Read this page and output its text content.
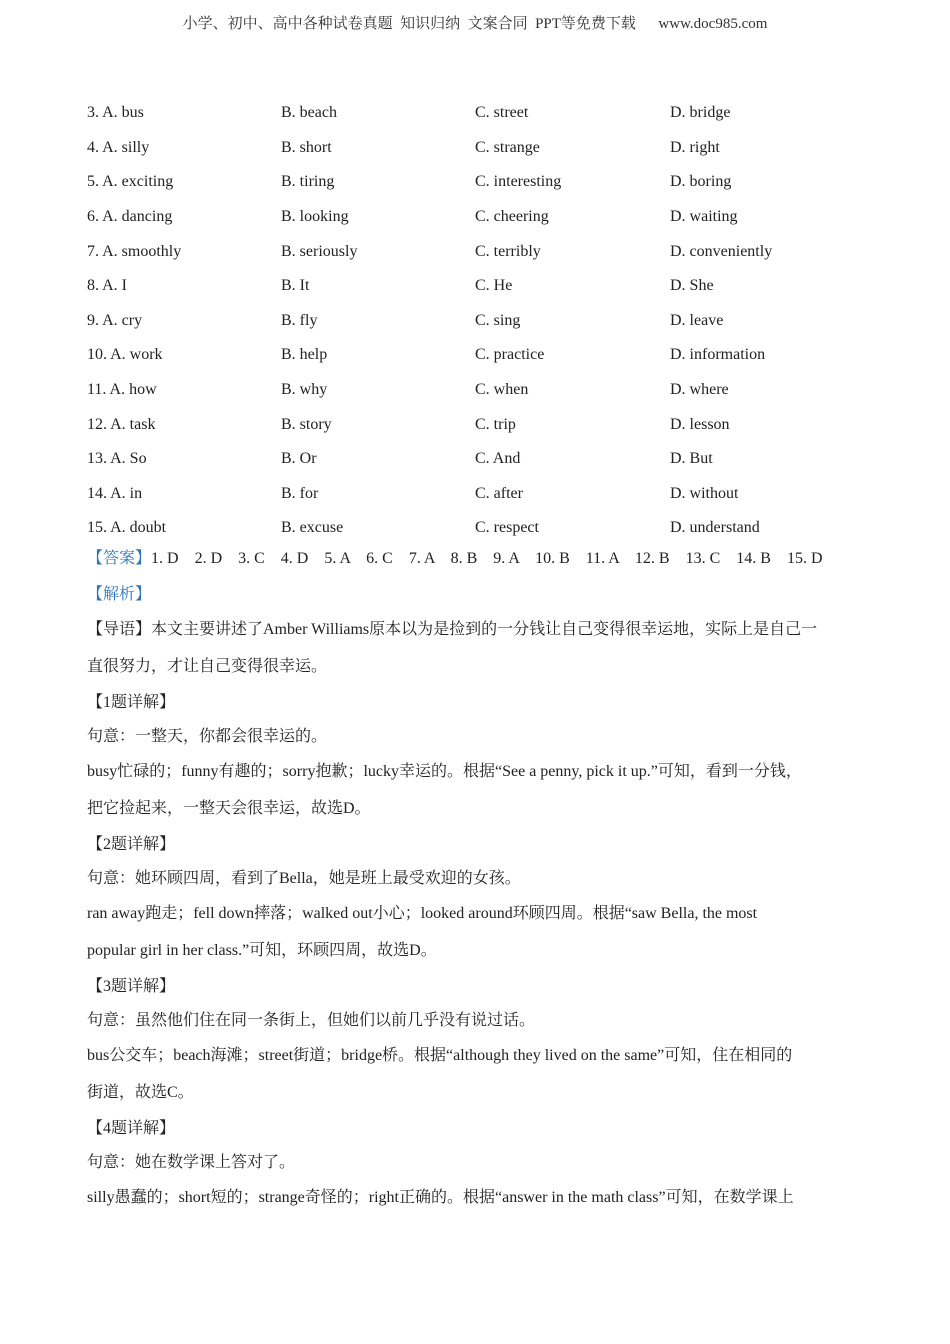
小学、初中、高中各种试卷真题  知识归纳  文案合同  PPT等免费下载      www.doc985.com
3. A. bus	B. beach	C. street	D. bridge
4. A. silly	B. short	C. strange	D. right
5. A. exciting	B. tiring	C. interesting	D. boring
6. A. dancing	B. looking	C. cheering	D. waiting
7. A. smoothly	B. seriously	C. terribly	D. conveniently
8. A. I	B. It	C. He	D. She
9. A. cry	B. fly	C. sing	D. leave
10. A. work	B. help	C. practice	D. information
11. A. how	B. why	C. when	D. where
12. A. task	B. story	C. trip	D. lesson
13. A. So	B. Or	C. And	D. But
14. A. in	B. for	C. after	D. without
15. A. doubt	B. excuse	C. respect	D. understand
【答案】1. D    2. D    3. C    4. D    5. A    6. C    7. A    8. B    9. A    10. B    11. A    12. B    13. C    14. B    15. D
【解析】
【导语】本文主要讲述了Amber Williams原本以为是捡到的一分钱让自己变得很幸运地，实际上是自己一
直很努力，才让自己变得很幸运。
【1题详解】
句意：一整天，你都会很幸运的。
busy忙碌的；funny有趣的；sorry抱歉；lucky幸运的。根据“See a penny, pick it up.”可知，看到一分钱，
把它捡起来，一整天会很幸运，故选D。
【2题详解】
句意：她环顾四周，看到了Bella，她是班上最受欢迎的女孩。
ran away跑走；fell down摔落；walked out小心；looked around环顾四周。根据“saw Bella, the most
popular girl in her class.”可知，环顾四周，故选D。
【3题详解】
句意：虽然他们住在同一条街上，但她们以前几乎没有说过话。
bus公交车；beach海滩；street街道；bridge桥。根据“although they lived on the same”可知，住在相同的
街道，故选C。
【4题详解】
句意：她在数学课上答对了。
silly愚蠢的；short短的；strange奇怪的；right正确的。根据“answer in the math class”可知，在数学课上
